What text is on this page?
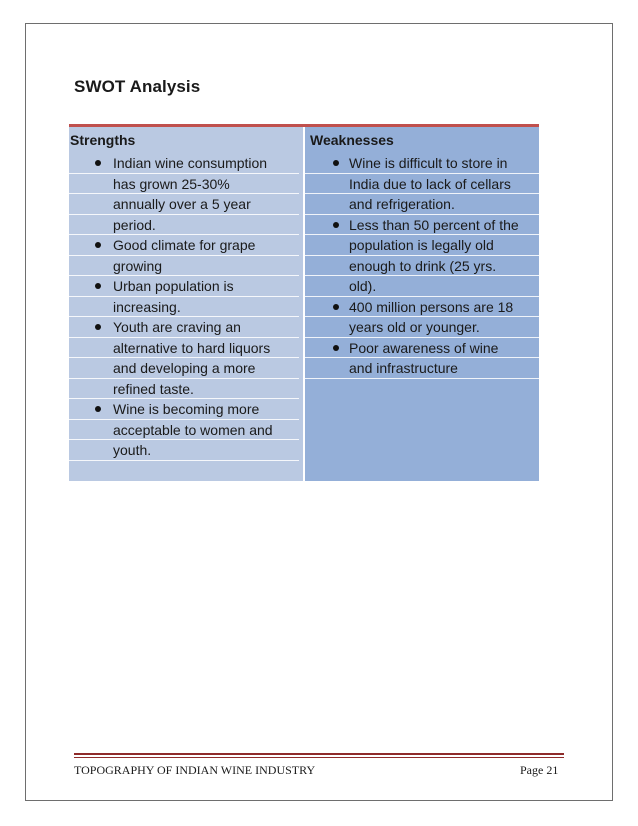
SWOT Analysis
Strengths
Indian wine consumption
has grown 25-30%
annually over a 5 year
period.
Good climate for grape
growing
Urban population is
increasing.
Youth are craving an
alternative to hard liquors
and developing a more
refined taste.
Wine is becoming more
acceptable to women and
youth.
Weaknesses
Wine is difficult to store in
India due to lack of cellars
and refrigeration.
Less than 50 percent of the
population is legally old
enough to drink (25 yrs.
old).
400 million persons are 18
years old or younger.
Poor awareness of wine
and infrastructure
TOPOGRAPHY OF INDIAN WINE INDUSTRY	Page 21
